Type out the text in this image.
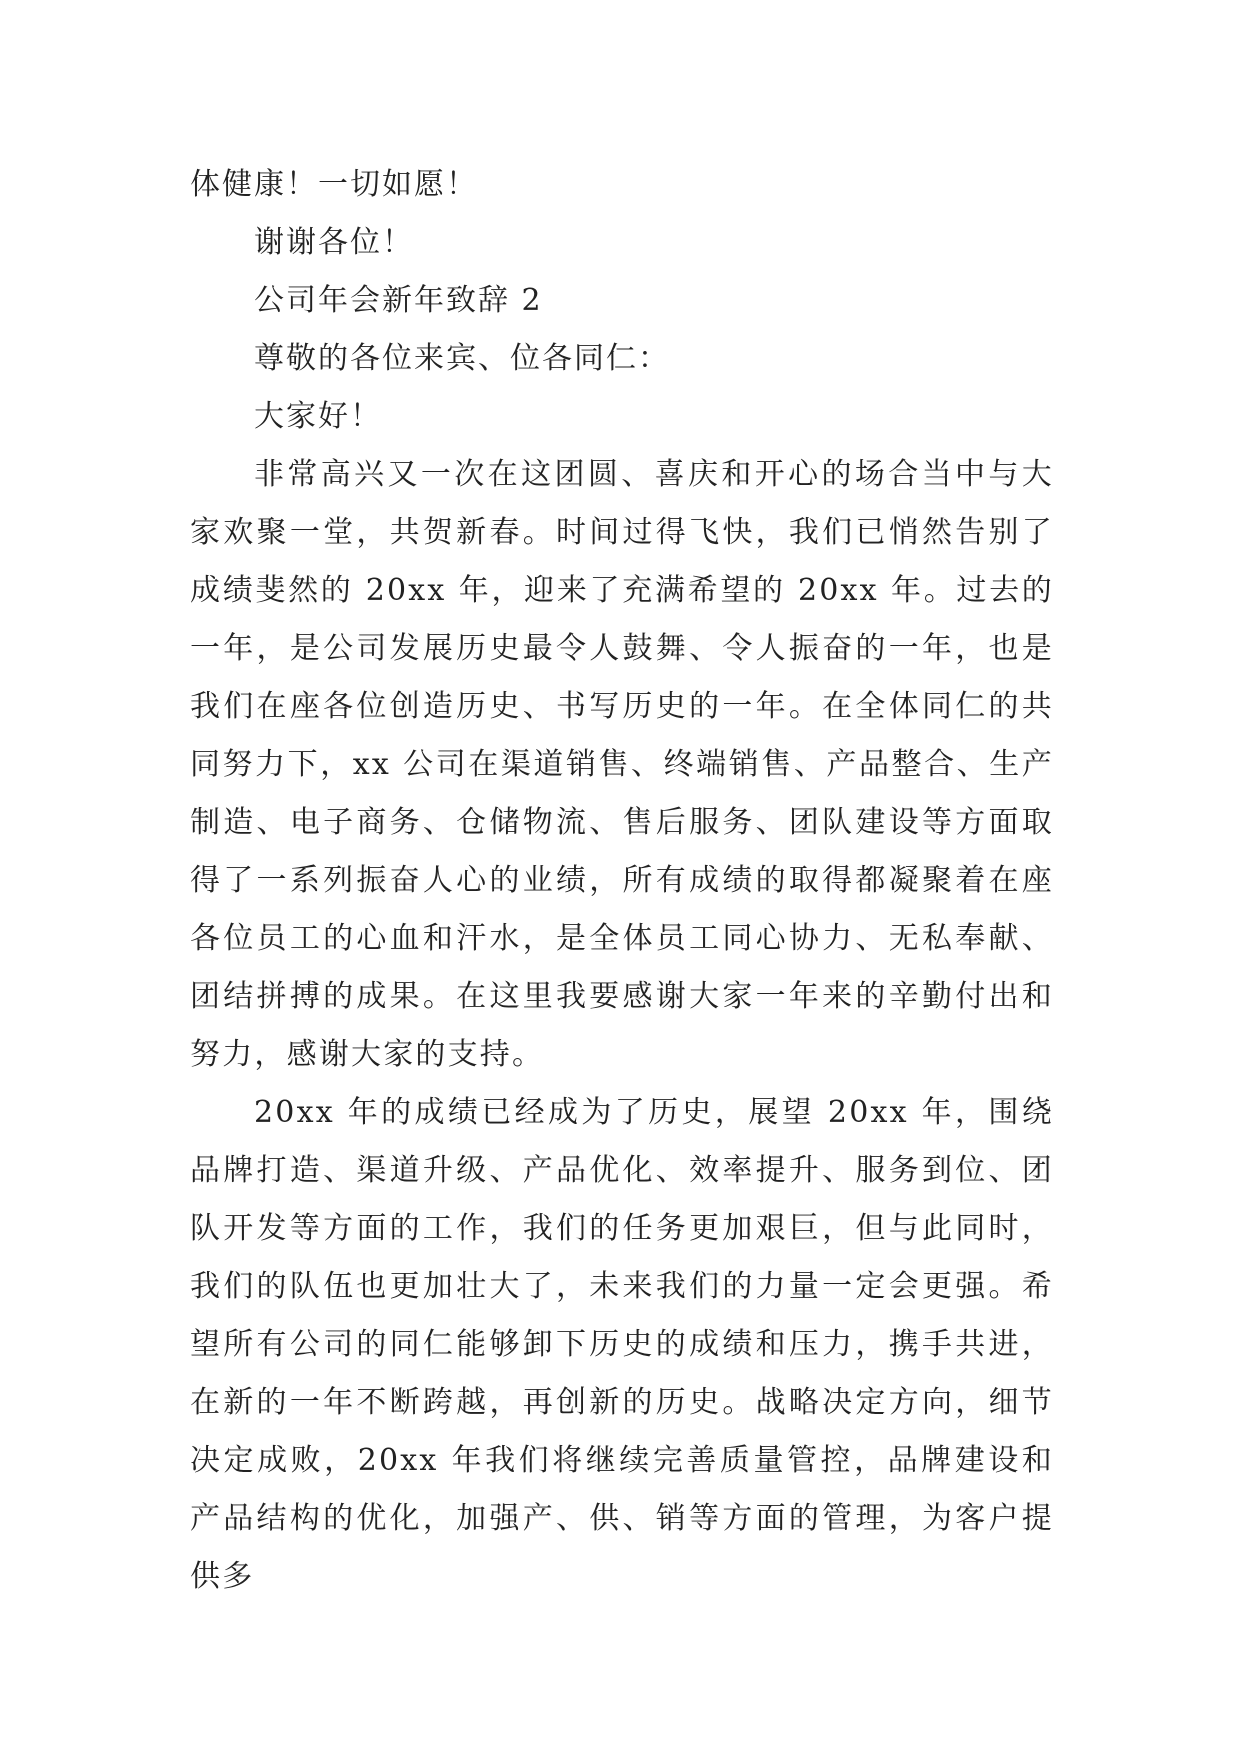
体健康！一切如愿！
谢谢各位！
公司年会新年致辞 2
尊敬的各位来宾、位各同仁：
大家好！

非常高兴又一次在这团圆、喜庆和开心的场合当中与大家欢聚一堂，共贺新春。时间过得飞快，我们已悄然告别了成绩斐然的 20xx 年，迎来了充满希望的 20xx 年。过去的一年，是公司发展历史最令人鼓舞、令人振奋的一年，也是我们在座各位创造历史、书写历史的一年。在全体同仁的共同努力下，xx 公司在渠道销售、终端销售、产品整合、生产制造、电子商务、仓储物流、售后服务、团队建设等方面取得了一系列振奋人心的业绩，所有成绩的取得都凝聚着在座各位员工的心血和汗水，是全体员工同心协力、无私奉献、团结拼搏的成果。在这里我要感谢大家一年来的辛勤付出和努力，感谢大家的支持。

20xx 年的成绩已经成为了历史，展望 20xx 年，围绕品牌打造、渠道升级、产品优化、效率提升、服务到位、团队开发等方面的工作，我们的任务更加艰巨，但与此同时，我们的队伍也更加壮大了，未来我们的力量一定会更强。希望所有公司的同仁能够卸下历史的成绩和压力，携手共进，在新的一年不断跨越，再创新的历史。战略决定方向，细节决定成败，20xx 年我们将继续完善质量管控，品牌建设和产品结构的优化，加强产、供、销等方面的管理，为客户提供多
